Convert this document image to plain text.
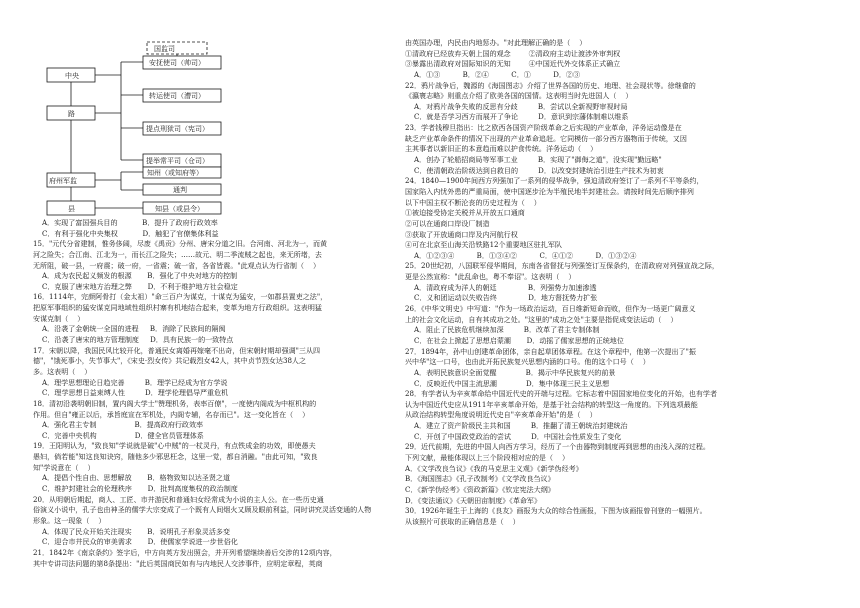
国监司
中央
路
府州军监
县
安抚使司（帅司）
转运使司（漕司）
提点刑狱司（宪司）
提举常平司（仓司）
知州（或知府等）
通判
知县（或县令）
A．实现了富国强兵目的           B．提升了政府行政效率
C．有利于强化中央集权           D．触犯了官僚集体利益
15．"元代分省建制，惟务侈阔，尽废《禹贡》分州、唐宋分道之旧。合河南、河北为一，而黄
河之险失；合江南、江北为一，而长江之险失；……故元、明二季流贼之起也，来无所堵，去
无所阻，破一县，一府震；破一府，一省震；破一省，各省皆震。"此观点认为行省制（    ）
A．成为农民起义频发的根源       B．强化了中央对地方的控制
C．克服了唐宋地方治理之弊       D．不利于维护地方社会稳定
16．1114年，完颜阿骨打（金太祖）"命三百户为谋克，十谋克为猛安，一如郡县置吏之法"，
把原军事组织的猛安谋克同地域性组织村寨有机地结合起来，变革为地方行政组织。这表明猛
安谋克制（    ）
A．沿袭了金朝统一全国的进程     B．消除了民族间的隔阂
C．沿袭了唐宋的地方管理制度     D．具有民族一的一致特点
17．宋朝以降，我国民风比较开化，普通民女离婚再嫁毫不出奇，但宋朝时期却强调"三从四
德"，"饿死事小，失节事大"，《宋史·烈女传》共记载烈女42人，其中贞节烈女达38人之
多。这表明（    ）
A．理学思想理论日趋完善         B．理学已经成为官方学说
C．理学思想日益束缚人性         D．理学伦理倡导严重危机
18．清初沿袭明朝旧制，置内阁大学士"赞理机务，表率百僚"，一度使内阁成为中枢机构的
作用。但自"雍正以后，承旨庭宣在军机处，内阁专辅，名存而已"。这一变化旨在（    ）
A．强化君主专制                 B．提高政府行政效率
C．完善中央机构                 D．健全官员管理体系
19．王阳明认为，"致良知"学说就是破"心中贼"的一杖灵丹，有点铁成金的功效，即使愚夫
愚妇，倘若能"知这良知诀窍，随他多少邪思枉念，这里一觉，都自消融。"由此可知，"致良
知"学说意在（    ）
A．提倡个性自由、思想解放       B．格物致知以达圣贤之道
C．维护封建社会的伦理秩序       D．批判高度集权的政治制度
20．从明朝后期起，商人、工匠、市井游民和普通妇女经常成为小说的主人公。在一些历史通
俗演义小说中，孔子也由神圣的儒学大宗变成了一个既有人间烟火又顾及眼前利益，同时讲究灵活变通的人物
形象。这一现象（    ）
A．体现了民众开始关注现实       B．说明孔子形象灵活多变
C．迎合市井民众的审美需求       D．使儒家学说进一步世俗化
21．1842年《南京条约》签字后，中方向英方发出照会，并开列希望继续善后交涉的12项内容，
其中专讲司法问题的第8条提出："此后英国商民如有与内地民人交涉事件，应明定章程，英商
由英国办理，内民由内地惩办。"对此理解正确的是（    ）
①清政府已经放弃天朝上国的观念        ②清政府主动让渡涉外审判权
③暴露出清政府对国际知识的无知        ④中国近代外交体系正式确立
A．①③          B．②④          C．①          D．②③
22．鸦片战争后，魏源的《海国图志》介绍了世界各国的历史、地理、社会现状等。徐继畲的
《瀛寰志略》则重点介绍了欧美各国的国情。这表明当时先进国人（    ）
A．对鸦片战争失败的反思有分歧         B．尝试以全新视野审视时局
C．就是否学习西方而展开了争论         D．意识到宗藩体制难以维系
23．学者钱穆旦指出：比之欧西各国资产阶级革命之后实现的产业革命，洋务运动像是在
缺乏产业革命条件的情况下出现的产业革命追赶。它同模仿一部分西方器物而于传统，又因
主其事者以新旧正的本意趋而难以护食传统。洋务运动（    ）
A．创办了轮船招商局等军事工业         B．实现了"御侮之道"，没实现"勤远略"
C．使清朝政治阶级达到自救目的         D．以改变封建统治引进生产技术为初衷
24．1840—1900年间西方列强加了一系列的侵华战争，强迫清政府签订了一系列不平等条约，
国家陷入内忧外患的严重局面，使中国逐步沦为半殖民地半封建社会。请按时间先后顺序排列
以下中国主权不断沦丧的历史过程为（    ）
①被迫接受协定关税并从开放五口通商
②可以在通商口岸设厂制造
③获取了开放通商口岸及内河航行权
④可在北京至山海关沿铁路12个重要地区驻扎军队
A．①②③④          B．①③④②          C．④①②          D．①③②④
25．20世纪初，八国联军侵华期间，东南各省督抚与列强签订互保条约，在清政府对列强宣战之际，
更是公然宣称："此乱命也，粤不奉诏"。这表明（    ）
A．清政府成为洋人的朝廷              B．列强势力加速渗透
C．义和团运动以失败告终              D．地方督抚势力扩张
26．《中华文明史》中写道："作为一场政治运动，百日维新短命而败，但作为一场更广阔意义
上的社会文化运动，自有其成功之处。"这里的"成功之处"主要是指促成变法运动（    ）
A．阻止了民族危机继续加深         B．改革了君主专制体制
C．在社会上掀起了思想启蒙潮       D．动摇了儒家思想的正统地位
27．1894年，孙中山创建革命团体，亲自起草团体章程。在这个章程中，他第一次提出了"振
兴中华"这一口号，也由此开拓民族复兴思想内涵的口号。他的这个口号（    ）
A．表明民族意识全面觉醒             B．揭示中华民族复兴的前景
C．反映近代中国主流思潮             D．集中体现三民主义思想
28．有学者认为辛亥革命给中国近代史的开端与过程。它标志着中国国家地位变化的开始，也有学者
认为中国近代史应从1911年辛亥革命开始，是基于社会结构的转型这一角度的。下列选项最能
从政治结构转型角度说明近代史自"辛亥革命开始"的是（    ）
A．建立了资产阶级民主共和国         B．推翻了清王朝统治封建统治
C．开创了中国政党政治的尝试         D．中国社会性质发生了变化
29．近代前期，先进的中国人向西方学习，经历了一个由器物到制度再到思想的由浅入深的过程。
下列文献，最能体现以上三个阶段相对应的是（    ）
A．《文学改良刍议》《我的马克思主义观》《新学伪经考》
B．《海国图志》《孔子改制考》《文学改良刍议》
C．《新学伪经考》《资政新篇》《钦定宪法大纲》
D．《变法通议》《天朝田亩制度》《革命军》
30．1926年诞生于上海的《良友》画报为大众的综合性画报，下图为该画报曾刊登的一幅照片。
从该照片可获取的正确信息是（    ）
